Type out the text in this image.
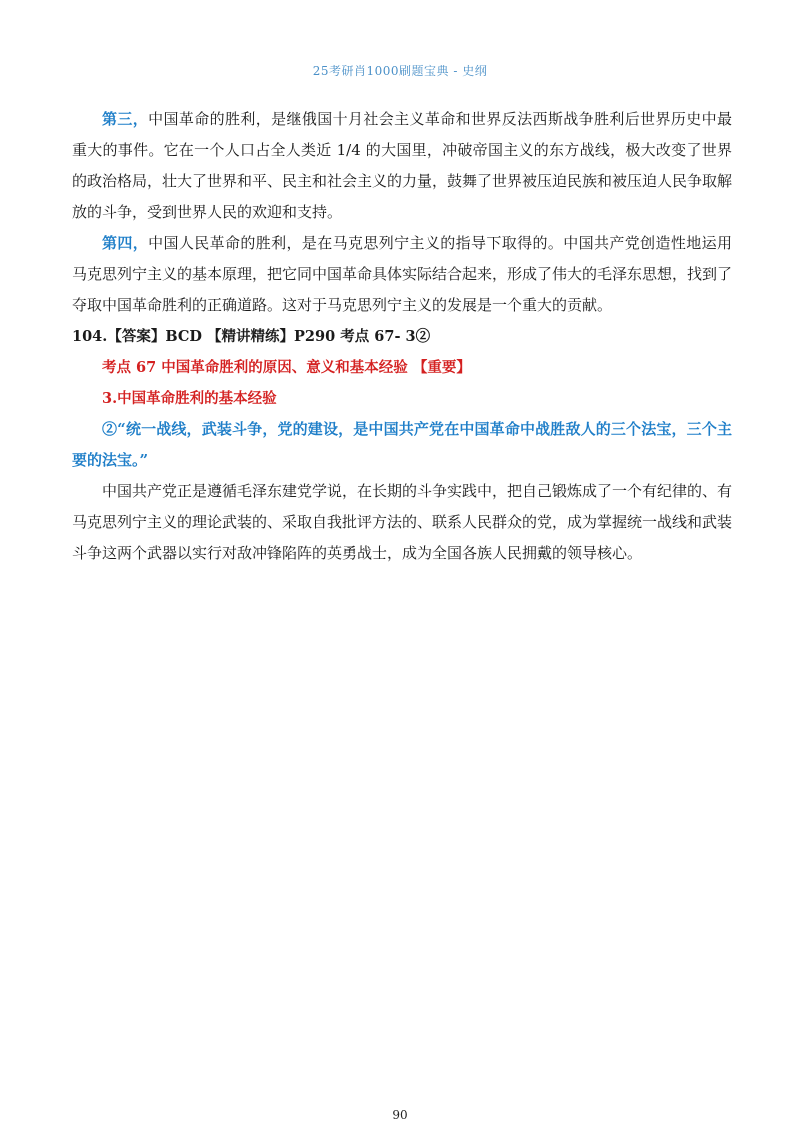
25考研肖1000刷题宝典 - 史纲

第三，中国革命的胜利，是继俄国十月社会主义革命和世界反法西斯战争胜利后世界历史中最重大的事件。它在一个人口占全人类近 1/4 的大国里，冲破帝国主义的东方战线，极大改变了世界的政治格局，壮大了世界和平、民主和社会主义的力量，鼓舞了世界被压迫民族和被压迫人民争取解放的斗争，受到世界人民的欢迎和支持。

第四，中国人民革命的胜利，是在马克思列宁主义的指导下取得的。中国共产党创造性地运用马克思列宁主义的基本原理，把它同中国革命具体实际结合起来，形成了伟大的毛泽东思想，找到了夺取中国革命胜利的正确道路。这对于马克思列宁主义的发展是一个重大的贡献。

104.【答案】BCD 【精讲精练】P290 考点 67- 3②

考点 67 中国革命胜利的原因、意义和基本经验 【重要】

3.中国革命胜利的基本经验

②“统一战线，武装斗争，党的建设，是中国共产党在中国革命中战胜敌人的三个法宝，三个主要的法宝。”

中国共产党正是遵循毛泽东建党学说，在长期的斗争实践中，把自己锻炼成了一个有纪律的、有马克思列宁主义的理论武装的、采取自我批评方法的、联系人民群众的党，成为掌握统一战线和武装斗争这两个武器以实行对敌冲锋陷阵的英勇战士，成为全国各族人民拥戴的领导核心。

90
